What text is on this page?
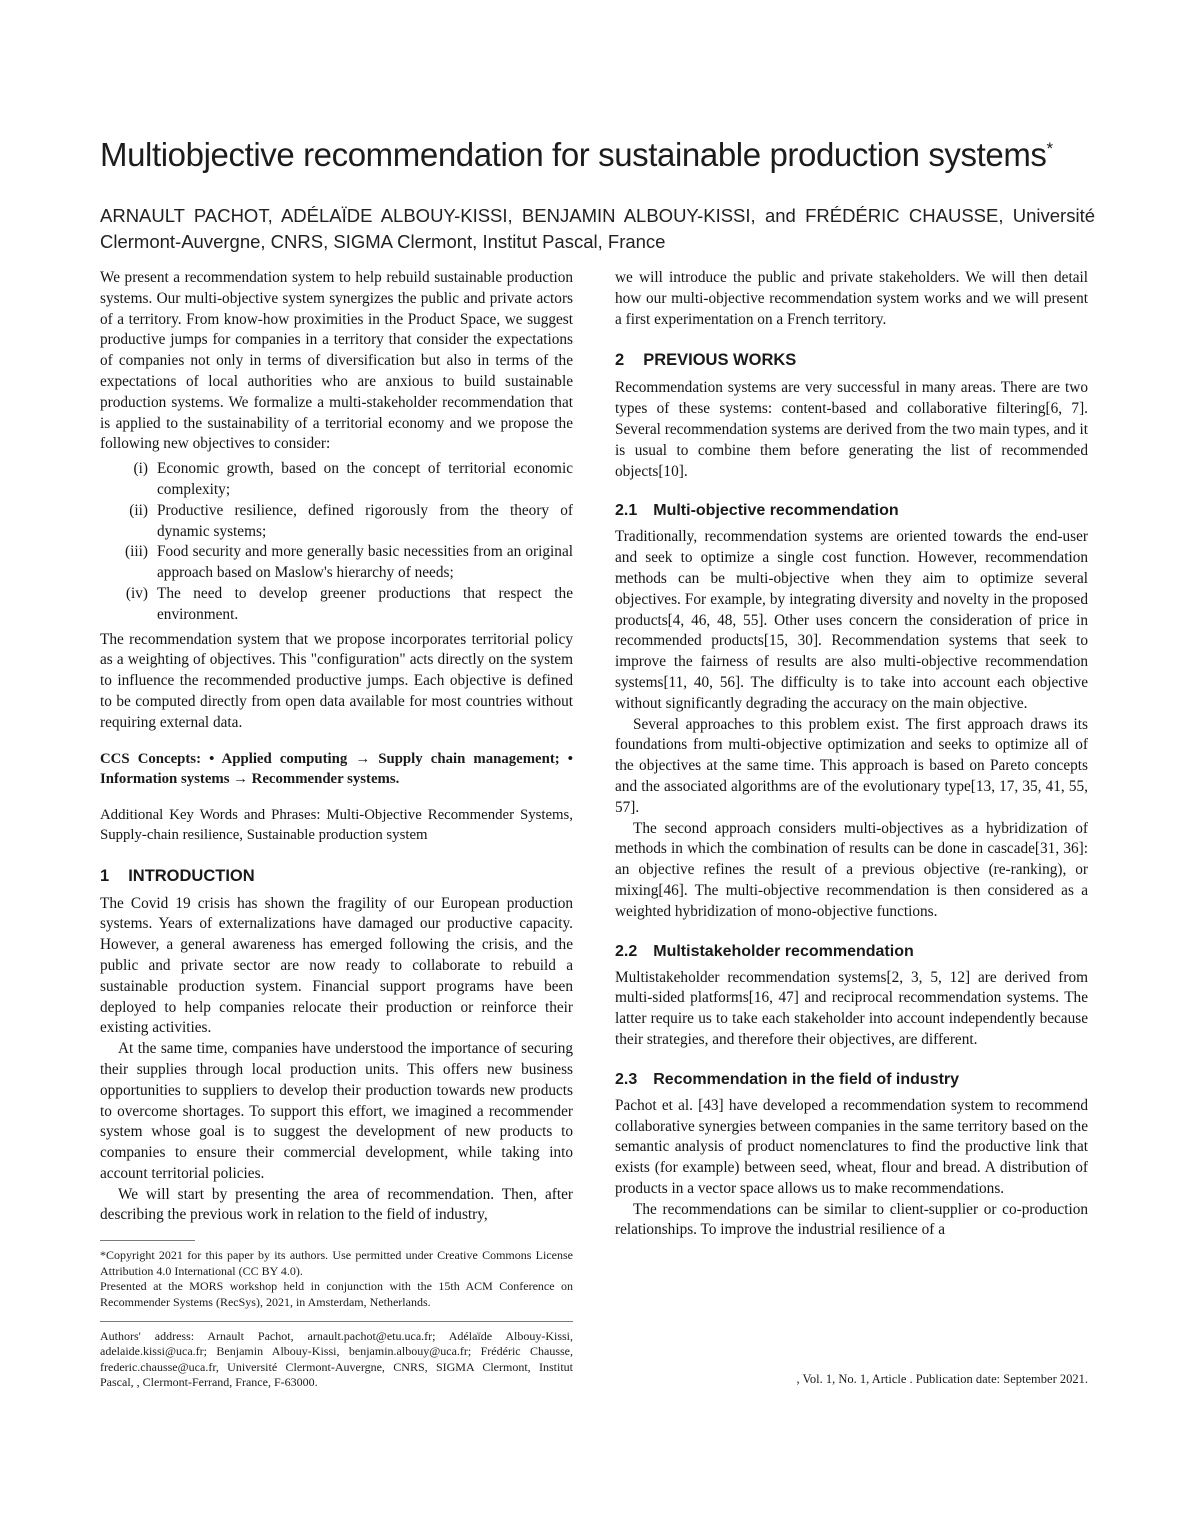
Multiobjective recommendation for sustainable production systems*
ARNAULT PACHOT, ADÉLAÏDE ALBOUY-KISSI, BENJAMIN ALBOUY-KISSI, and FRÉDÉRIC CHAUSSE, Université Clermont-Auvergne, CNRS, SIGMA Clermont, Institut Pascal, France

We present a recommendation system to help rebuild sustainable production systems. Our multi-objective system synergizes the public and private actors of a territory. From know-how proximities in the Product Space, we suggest productive jumps for companies in a territory that consider the expectations of companies not only in terms of diversification but also in terms of the expectations of local authorities who are anxious to build sustainable production systems. We formalize a multi-stakeholder recommendation that is applied to the sustainability of a territorial economy and we propose the following new objectives to consider:

(i) Economic growth, based on the concept of territorial economic complexity;
(ii) Productive resilience, defined rigorously from the theory of dynamic systems;
(iii) Food security and more generally basic necessities from an original approach based on Maslow's hierarchy of needs;
(iv) The need to develop greener productions that respect the environment.

The recommendation system that we propose incorporates territorial policy as a weighting of objectives. This "configuration" acts directly on the system to influence the recommended productive jumps. Each objective is defined to be computed directly from open data available for most countries without requiring external data.

CCS Concepts: • Applied computing → Supply chain management; • Information systems → Recommender systems.
Additional Key Words and Phrases: Multi-Objective Recommender Systems, Supply-chain resilience, Sustainable production system
1 INTRODUCTION

The Covid 19 crisis has shown the fragility of our European production systems. Years of externalizations have damaged our productive capacity. However, a general awareness has emerged following the crisis, and the public and private sector are now ready to collaborate to rebuild a sustainable production system. Financial support programs have been deployed to help companies relocate their production or reinforce their existing activities.

At the same time, companies have understood the importance of securing their supplies through local production units. This offers new business opportunities to suppliers to develop their production towards new products to overcome shortages. To support this effort, we imagined a recommender system whose goal is to suggest the development of new products to companies to ensure their commercial development, while taking into account territorial policies.

We will start by presenting the area of recommendation. Then, after describing the previous work in relation to the field of industry,

*Copyright 2021 for this paper by its authors. Use permitted under Creative Commons License Attribution 4.0 International (CC BY 4.0).

Presented at the MORS workshop held in conjunction with the 15th ACM Conference on Recommender Systems (RecSys), 2021, in Amsterdam, Netherlands.

Authors' address: Arnault Pachot, arnault.pachot@etu.uca.fr; Adélaïde Albouy-Kissi, adelaide.kissi@uca.fr; Benjamin Albouy-Kissi, benjamin.albouy@uca.fr; Frédéric Chausse, frederic.chausse@uca.fr, Université Clermont-Auvergne, CNRS, SIGMA Clermont, Institut Pascal, , Clermont-Ferrand, France, F-63000.

we will introduce the public and private stakeholders. We will then detail how our multi-objective recommendation system works and we will present a first experimentation on a French territory.

2 PREVIOUS WORKS

Recommendation systems are very successful in many areas. There are two types of these systems: content-based and collaborative filtering[6, 7]. Several recommendation systems are derived from the two main types, and it is usual to combine them before generating the list of recommended objects[10].

2.1 Multi-objective recommendation

Traditionally, recommendation systems are oriented towards the end-user and seek to optimize a single cost function. However, recommendation methods can be multi-objective when they aim to optimize several objectives. For example, by integrating diversity and novelty in the proposed products[4, 46, 48, 55]. Other uses concern the consideration of price in recommended products[15, 30]. Recommendation systems that seek to improve the fairness of results are also multi-objective recommendation systems[11, 40, 56]. The difficulty is to take into account each objective without significantly degrading the accuracy on the main objective.

Several approaches to this problem exist. The first approach draws its foundations from multi-objective optimization and seeks to optimize all of the objectives at the same time. This approach is based on Pareto concepts and the associated algorithms are of the evolutionary type[13, 17, 35, 41, 55, 57].

The second approach considers multi-objectives as a hybridization of methods in which the combination of results can be done in cascade[31, 36]: an objective refines the result of a previous objective (re-ranking), or mixing[46]. The multi-objective recommendation is then considered as a weighted hybridization of mono-objective functions.

2.2 Multistakeholder recommendation

Multistakeholder recommendation systems[2, 3, 5, 12] are derived from multi-sided platforms[16, 47] and reciprocal recommendation systems. The latter require us to take each stakeholder into account independently because their strategies, and therefore their objectives, are different.

2.3 Recommendation in the field of industry

Pachot et al. [43] have developed a recommendation system to recommend collaborative synergies between companies in the same territory based on the semantic analysis of product nomenclatures to find the productive link that exists (for example) between seed, wheat, flour and bread. A distribution of products in a vector space allows us to make recommendations.

The recommendations can be similar to client-supplier or co-production relationships. To improve the industrial resilience of a

, Vol. 1, No. 1, Article . Publication date: September 2021.
